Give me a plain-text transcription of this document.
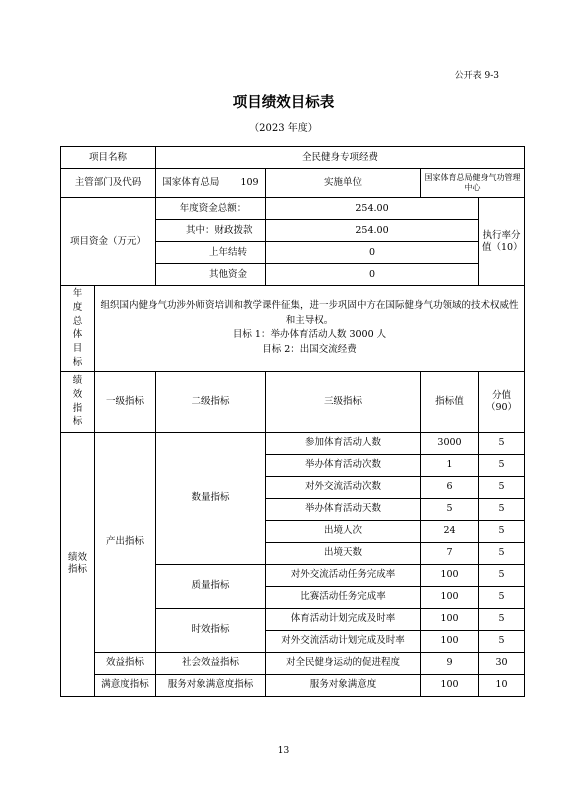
公开表 9-3
项目绩效目标表
（2023 年度）
项目名称		全民健身专项经费			
主管部门及代码		国家体育总局 109	实施单位	国家体育总局健身气功管理中心	
项目资金（万元）		年度资金总额：	254.00		执行率分值（10）
		其中：财政拨款	254.00		
		上年结转	0		
		其他资金	0		
年度总体目标	组织国内健身气功涉外师资培训和教学课件征集，进一步巩固中方在国际健身气功领域的技术权威性和主导权。
目标 1：举办体育活动人数 3000 人
目标 2：出国交流经费				

绩效指标	一级指标	二级指标	三级指标	指标值	分值（90）
绩效指标	产出指标	数量指标	参加体育活动人数	3000	5
			举办体育活动次数	1	5
			对外交流活动次数	6	5
			举办体育活动天数	5	5
			出境人次	24	5
			出境天数	7	5
		质量指标	对外交流活动任务完成率	100	5
			比赛活动任务完成率	100	5
		时效指标	体育活动计划完成及时率	100	5
			对外交流活动计划完成及时率	100	5
	效益指标	社会效益指标	对全民健身运动的促进程度	9	30
	满意度指标	服务对象满意度指标	服务对象满意度	100	10
13
